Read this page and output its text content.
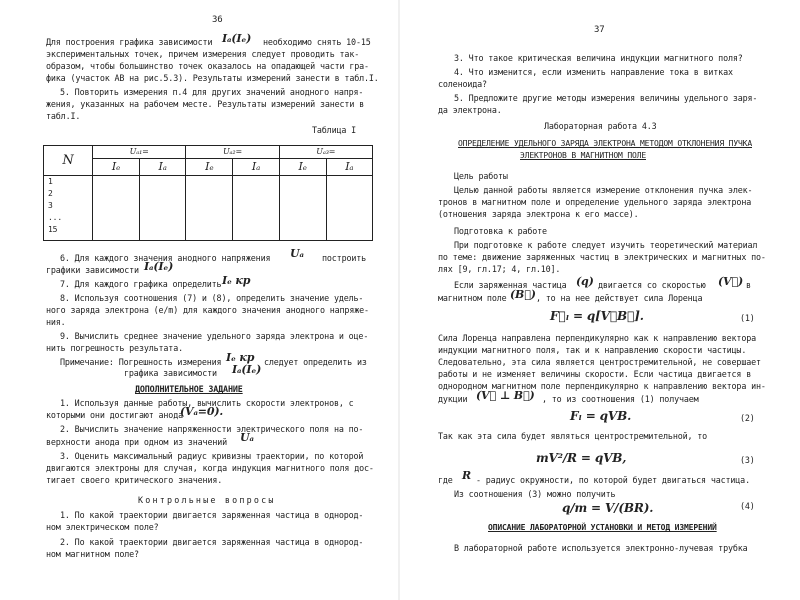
36
Для построения графика зависимости Iₐ(Iₑ) необходимо снять 10-15
экспериментальных точек, причем измерения следует проводить так-
образом, чтобы большинство точек оказалось на опадающей части гра-
фика (участок АВ на рис.5.3). Результаты измерений занести в табл.I.
5. Повторить измерения п.4 для других значений анодного напря-
жения, указанных на рабочем месте. Результаты измерений занести в
табл.I.
Таблица I
N	Uₐ₁=		Uₐ₂=		Uₐ₃=	
	Iₑ	Iₐ	Iₑ	Iₐ	Iₑ	Iₐ

1
2
3
...
15						

6. Для каждого значения анодного напряжения Uₐ построить
графики зависимости Iₐ(Iₑ)
7. Для каждого графика определить Iₑ кр
8. Используя соотношения (7) и (8), определить значение удель-
ного заряда электрона (e/m) для каждого значения анодного напряже-
ния.
9. Вычислить среднее значение удельного заряда электрона и оце-
нить погрешность результата.
Примечание: Погрешность измерения Iₑ кр следует определить из
графика зависимости Iₐ(Iₑ)
ДОПОЛНИТЕЛЬНОЕ ЗАДАНИЕ
1. Используя данные работы, вычислить скорости электронов, с
которыми они достигают анода
(Vₐ=0).
2. Вычислить значение напряженности электрического поля на по-
верхности анода при одном из значений Uₐ
3. Оценить максимальный радиус кривизны траектории, по которой
двигаются электроны для случая, когда индукция магнитного поля дос-
тигает своего критического значения.
Контрольные вопросы
1. По какой траектории двигается заряженная частица в однород-
ном электрическом поле?
2. По какой траектории двигается заряженная частица в однород-
ном магнитном поле?
37
3. Что такое критическая величина индукции магнитного поля?
4. Что изменится, если изменить направление тока в витках
соленоида?
5. Предложите другие методы измерения величины удельного заря-
да электрона.
Лабораторная работа 4.3
ОПРЕДЕЛЕНИЕ УДЕЛЬНОГО ЗАРЯДА ЭЛЕКТРОНА МЕТОДОМ ОТКЛОНЕНИЯ ПУЧКА
ЭЛЕКТРОНОВ В МАГНИТНОМ ПОЛЕ
Цель работы
Целью данной работы является измерение отклонения пучка элек-
тронов в магнитном поле и определение удельного заряда электрона
(отношения заряда электрона к его массе).
Подготовка к работе
При подготовке к работе следует изучить теоретический материал
по теме: движение заряженных частиц в электрических и магнитных по-
лях [9, гл.17; 4, гл.10].
Если заряженная частица (q) двигается со скоростью (V⃗) в
магнитном поле (B⃗) , то на нее действует сила Лоренца
F⃗ₗ = q[V⃗B⃗].	(1)
Сила Лоренца направлена перпендикулярно как к направлению вектора
индукции магнитного поля, так и к направлению скорости частицы.
Следовательно, эта сила является центростремительной, не совершает
работы и не изменяет величины скорости. Если частица двигается в
однородном магнитном поле перпендикулярно к направлению вектора ин-
дукции (V⃗ ⊥ B⃗) , то из соотношения (1) получаем
Fₗ = qVB.	(2)
Так как эта сила будет являться центростремительной, то
mV²/R = qVB,	(3)
где R - радиус окружности, по которой будет двигаться частица.
Из соотношения (3) можно получить
q/m = V/(BR).	(4)
ОПИСАНИЕ ЛАБОРАТОРНОЙ УСТАНОВКИ И МЕТОД ИЗМЕРЕНИЙ
В лабораторной работе используется электронно-лучевая трубка
